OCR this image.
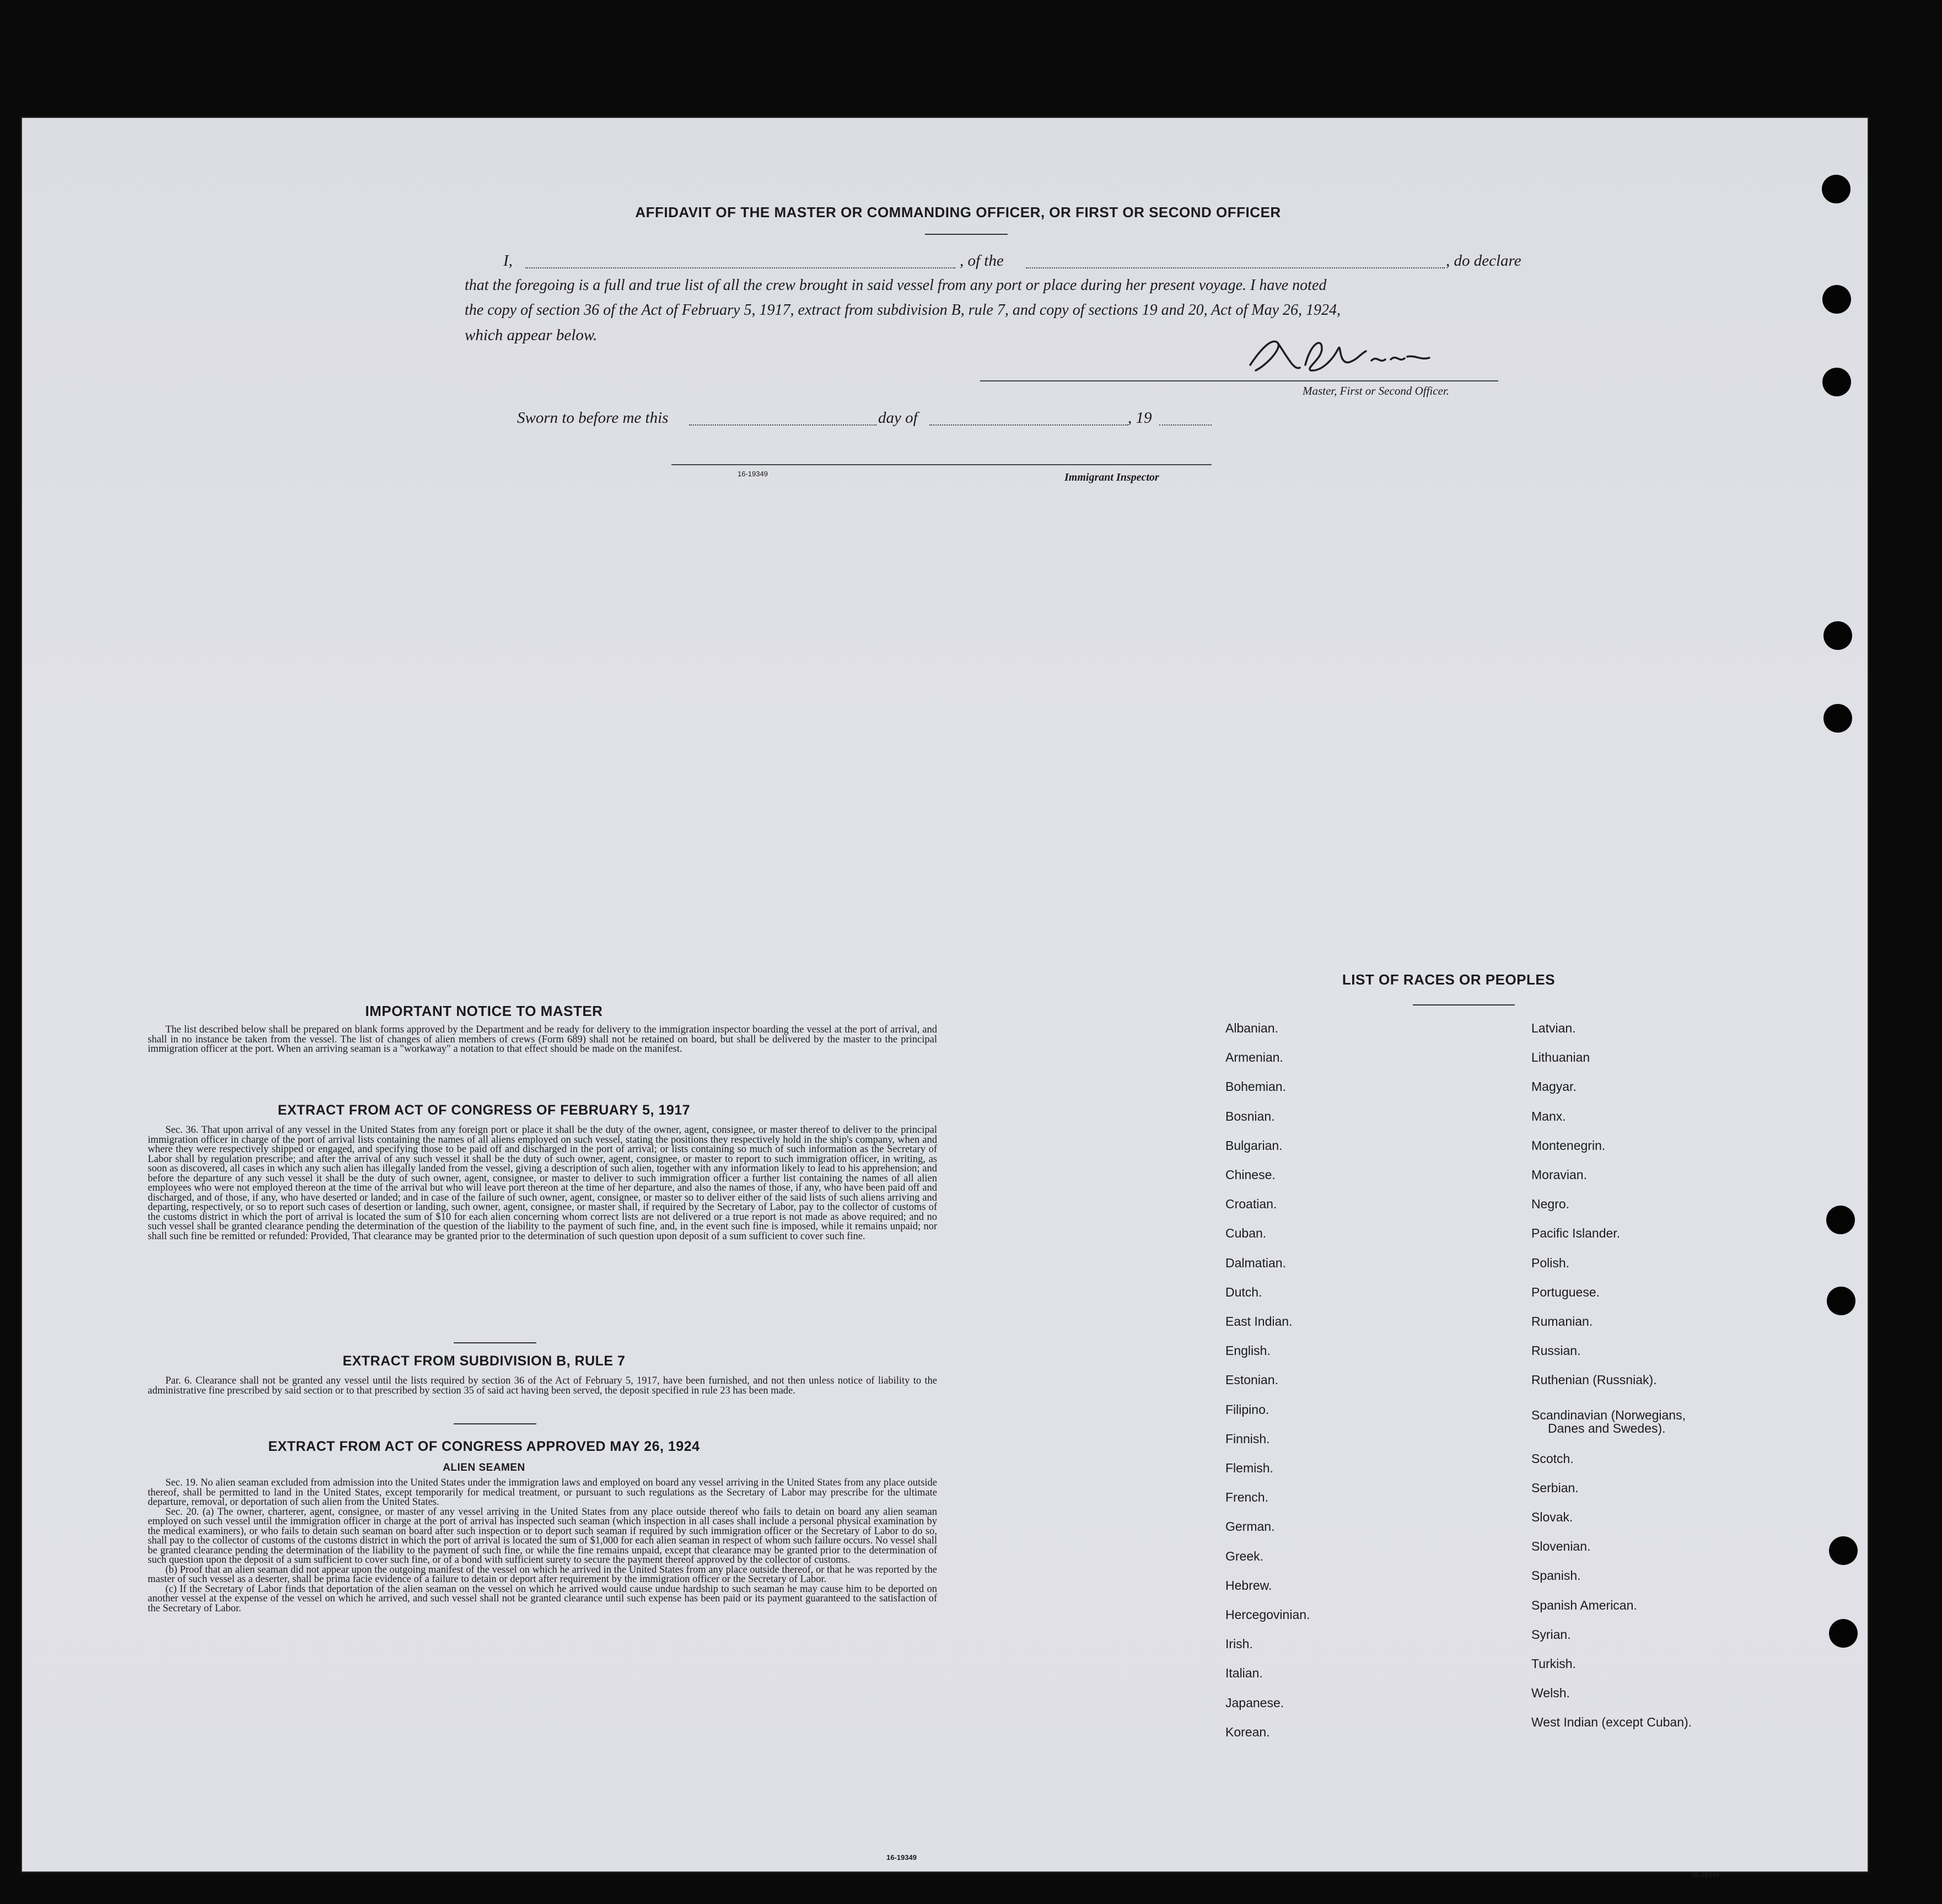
AFFIDAVIT OF THE MASTER OR COMMANDING OFFICER, OR FIRST OR SECOND OFFICER
I,	, of the	, do declare
that the foregoing is a full and true list of all the crew brought in said vessel from any port or place during her present voyage. I have noted
the copy of section 36 of the Act of February 5, 1917, extract from subdivision B, rule 7, and copy of sections 19 and 20, Act of May 26, 1924,
which appear below.
Master, First or Second Officer.
Sworn to before me this	day of	, 19
16-19349	Immigrant Inspector
IMPORTANT NOTICE TO MASTER

The list described below shall be prepared on blank forms approved by the Department and be ready for delivery to the immigration inspector boarding the vessel at the port of arrival, and shall in no instance be taken from the vessel. The list of changes of alien members of crews (Form 689) shall not be retained on board, but shall be delivered by the master to the principal immigration officer at the port. When an arriving seaman is a "workaway" a notation to that effect should be made on the manifest.

EXTRACT FROM ACT OF CONGRESS OF FEBRUARY 5, 1917

Sec. 36. That upon arrival of any vessel in the United States from any foreign port or place it shall be the duty of the owner, agent, consignee, or master thereof to deliver to the principal immigration officer in charge of the port of arrival lists containing the names of all aliens employed on such vessel, stating the positions they respectively hold in the ship's company, when and where they were respectively shipped or engaged, and specifying those to be paid off and discharged in the port of arrival; or lists containing so much of such information as the Secretary of Labor shall by regulation prescribe; and after the arrival of any such vessel it shall be the duty of such owner, agent, consignee, or master to report to such immigration officer, in writing, as soon as discovered, all cases in which any such alien has illegally landed from the vessel, giving a description of such alien, together with any information likely to lead to his apprehension; and before the departure of any such vessel it shall be the duty of such owner, agent, consignee, or master to deliver to such immigration officer a further list containing the names of all alien employees who were not employed thereon at the time of the arrival but who will leave port thereon at the time of her departure, and also the names of those, if any, who have been paid off and discharged, and of those, if any, who have deserted or landed; and in case of the failure of such owner, agent, consignee, or master so to deliver either of the said lists of such aliens arriving and departing, respectively, or so to report such cases of desertion or landing, such owner, agent, consignee, or master shall, if required by the Secretary of Labor, pay to the collector of customs of the customs district in which the port of arrival is located the sum of $10 for each alien concerning whom correct lists are not delivered or a true report is not made as above required; and no such vessel shall be granted clearance pending the determination of the question of the liability to the payment of such fine, and, in the event such fine is imposed, while it remains unpaid; nor shall such fine be remitted or refunded: Provided, That clearance may be granted prior to the determination of such question upon deposit of a sum sufficient to cover such fine.

EXTRACT FROM SUBDIVISION B, RULE 7

Par. 6. Clearance shall not be granted any vessel until the lists required by section 36 of the Act of February 5, 1917, have been furnished, and not then unless notice of liability to the administrative fine prescribed by said section or to that prescribed by section 35 of said act having been served, the deposit specified in rule 23 has been made.

EXTRACT FROM ACT OF CONGRESS APPROVED MAY 26, 1924
ALIEN SEAMEN

Sec. 19. No alien seaman excluded from admission into the United States under the immigration laws and employed on board any vessel arriving in the United States from any place outside thereof, shall be permitted to land in the United States, except temporarily for medical treatment, or pursuant to such regulations as the Secretary of Labor may prescribe for the ultimate departure, removal, or deportation of such alien from the United States.

Sec. 20. (a) The owner, charterer, agent, consignee, or master of any vessel arriving in the United States from any place outside thereof who fails to detain on board any alien seaman employed on such vessel until the immigration officer in charge at the port of arrival has inspected such seaman (which inspection in all cases shall include a personal physical examination by the medical examiners), or who fails to detain such seaman on board after such inspection or to deport such seaman if required by such immigration officer or the Secretary of Labor to do so, shall pay to the collector of customs of the customs district in which the port of arrival is located the sum of $1,000 for each alien seaman in respect of whom such failure occurs. No vessel shall be granted clearance pending the determination of the liability to the payment of such fine, or while the fine remains unpaid, except that clearance may be granted prior to the determination of such question upon the deposit of a sum sufficient to cover such fine, or of a bond with sufficient surety to secure the payment thereof approved by the collector of customs.

(b) Proof that an alien seaman did not appear upon the outgoing manifest of the vessel on which he arrived in the United States from any place outside thereof, or that he was reported by the master of such vessel as a deserter, shall be prima facie evidence of a failure to detain or deport after requirement by the immigration officer or the Secretary of Labor.

(c) If the Secretary of Labor finds that deportation of the alien seaman on the vessel on which he arrived would cause undue hardship to such seaman he may cause him to be deported on another vessel at the expense of the vessel on which he arrived, and such vessel shall not be granted clearance until such expense has been paid or its payment guaranteed to the satisfaction of the Secretary of Labor.

16-19349
LIST OF RACES OR PEOPLES
16-19349
Albanian.
Armenian.
Bohemian.
Bosnian.
Bulgarian.
Chinese.
Croatian.
Cuban.
Dalmatian.
Dutch.
East Indian.
English.
Estonian.
Filipino.
Finnish.
Flemish.
French.
German.
Greek.
Hebrew.
Hercegovinian.
Irish.
Italian.
Japanese.
Korean.
Latvian.
Lithuanian
Magyar.
Manx.
Montenegrin.
Moravian.
Negro.
Pacific Islander.
Polish.
Portuguese.
Rumanian.
Russian.
Ruthenian (Russniak).
Scandinavian (Norwegians,
Danes and Swedes).
Scotch.
Serbian.
Slovak.
Slovenian.
Spanish.
Spanish American.
Syrian.
Turkish.
Welsh.
West Indian (except Cuban).
